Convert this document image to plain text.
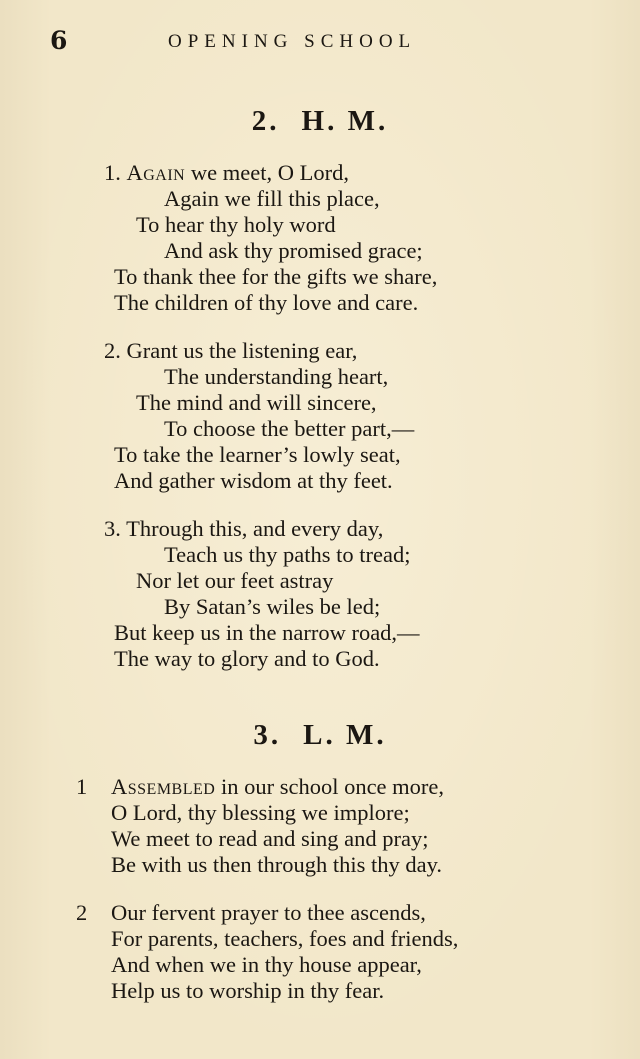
6	OPENING SCHOOL
2. H. M.
1. Again we meet, O Lord,
Again we fill this place,
To hear thy holy word
And ask thy promised grace;
To thank thee for the gifts we share,
The children of thy love and care.
2. Grant us the listening ear,
The understanding heart,
The mind and will sincere,
To choose the better part,—
To take the learner’s lowly seat,
And gather wisdom at thy feet.
3. Through this, and every day,
Teach us thy paths to tread;
Nor let our feet astray
By Satan’s wiles be led;
But keep us in the narrow road,—
The way to glory and to God.
3. L. M.
1 Assembled in our school once more,
O Lord, thy blessing we implore;
We meet to read and sing and pray;
Be with us then through this thy day.
2 Our fervent prayer to thee ascends,
For parents, teachers, foes and friends,
And when we in thy house appear,
Help us to worship in thy fear.
